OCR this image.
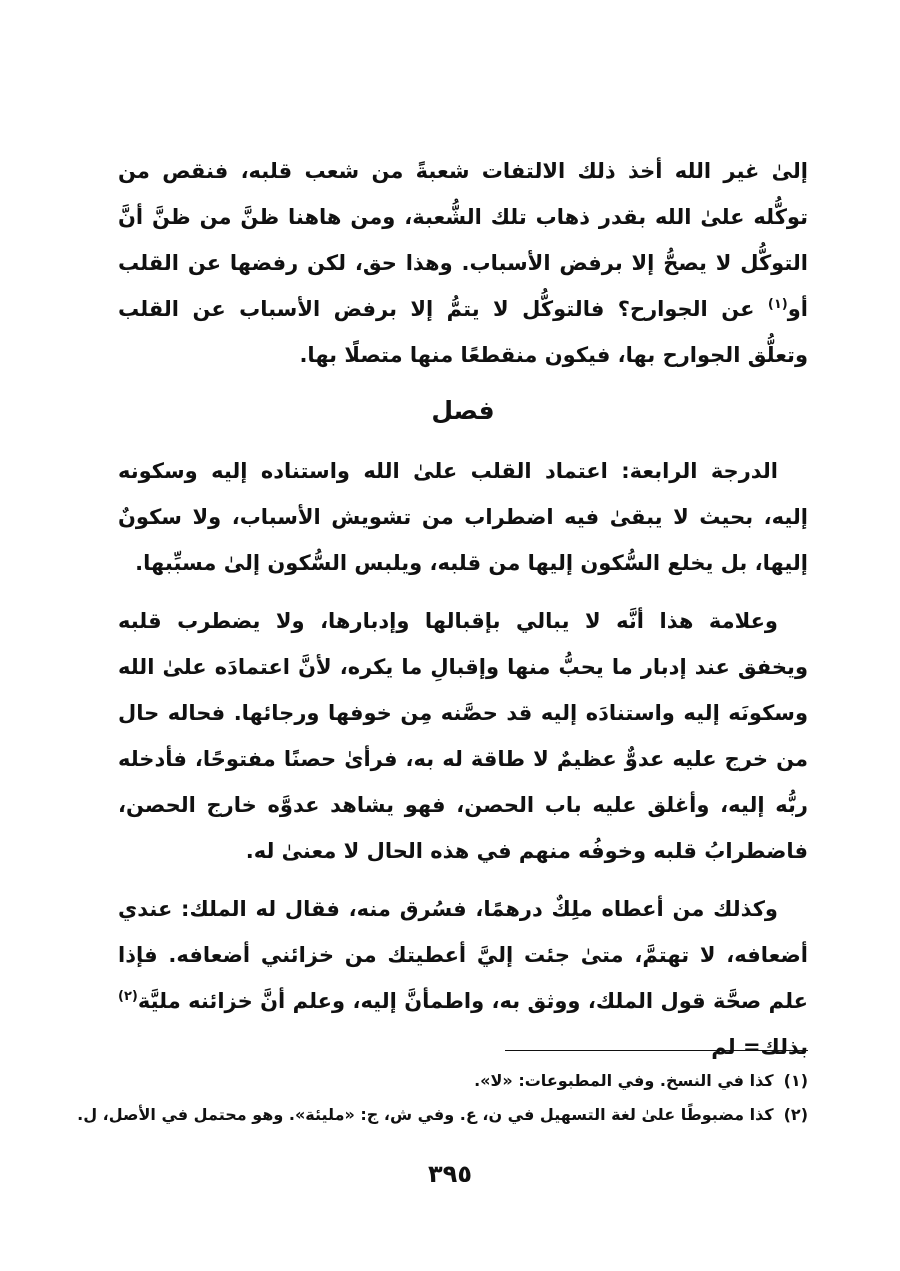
إلىٰ غير الله أخذ ذلك الالتفات شعبةً من شعب قلبه، فنقص من توكُّله علىٰ الله بقدر ذهاب تلك الشُّعبة، ومن هاهنا ظنَّ من ظنَّ أنَّ التوكُّل لا يصحُّ إلا برفض الأسباب. وهذا حق، لكن رفضها عن القلب أو$^{(١)}$ عن الجوارح؟ فالتوكُّل لا يتمُّ إلا برفض الأسباب عن القلب وتعلُّق الجوارح بها، فيكون منقطعًا منها متصلًا بها.

فصل

الدرجة الرابعة: اعتماد القلب علىٰ الله واستناده إليه وسكونه إليه، بحيث لا يبقىٰ فيه اضطراب من تشويش الأسباب، ولا سكونٌ إليها، بل يخلع السُّكون إليها من قلبه، ويلبس السُّكون إلىٰ مسبِّبها.

وعلامة هذا أنَّه لا يبالي بإقبالها وإدبارها، ولا يضطرب قلبه ويخفق عند إدبار ما يحبُّ منها وإقبالِ ما يكره، لأنَّ اعتمادَه علىٰ الله وسكونَه إليه واستنادَه إليه قد حصَّنه مِن خوفها ورجائها. فحاله حال من خرج عليه عدوٌّ عظيمٌ لا طاقة له به، فرأىٰ حصنًا مفتوحًا، فأدخله ربُّه إليه، وأغلق عليه باب الحصن، فهو يشاهد عدوَّه خارج الحصن، فاضطرابُ قلبه وخوفُه منهم في هذه الحال لا معنىٰ له.

وكذلك من أعطاه ملِكٌ درهمًا، فسُرق منه، فقال له الملك: عندي أضعافه، لا تهتمَّ، متىٰ جئت إليَّ أعطيتك من خزائني أضعافه. فإذا علم صحَّة قول الملك، ووثق به، واطمأنَّ إليه، وعلم أنَّ خزائنه مليَّة$^{(٢)}$ بذلك= لم

(١)كذا في النسخ. وفي المطبوعات: «لا».

(٢)كذا مضبوطًا علىٰ لغة التسهيل في ن، ع. وفي ش، ج: «مليئة». وهو محتمل في الأصل، ل.

٣٩٥
